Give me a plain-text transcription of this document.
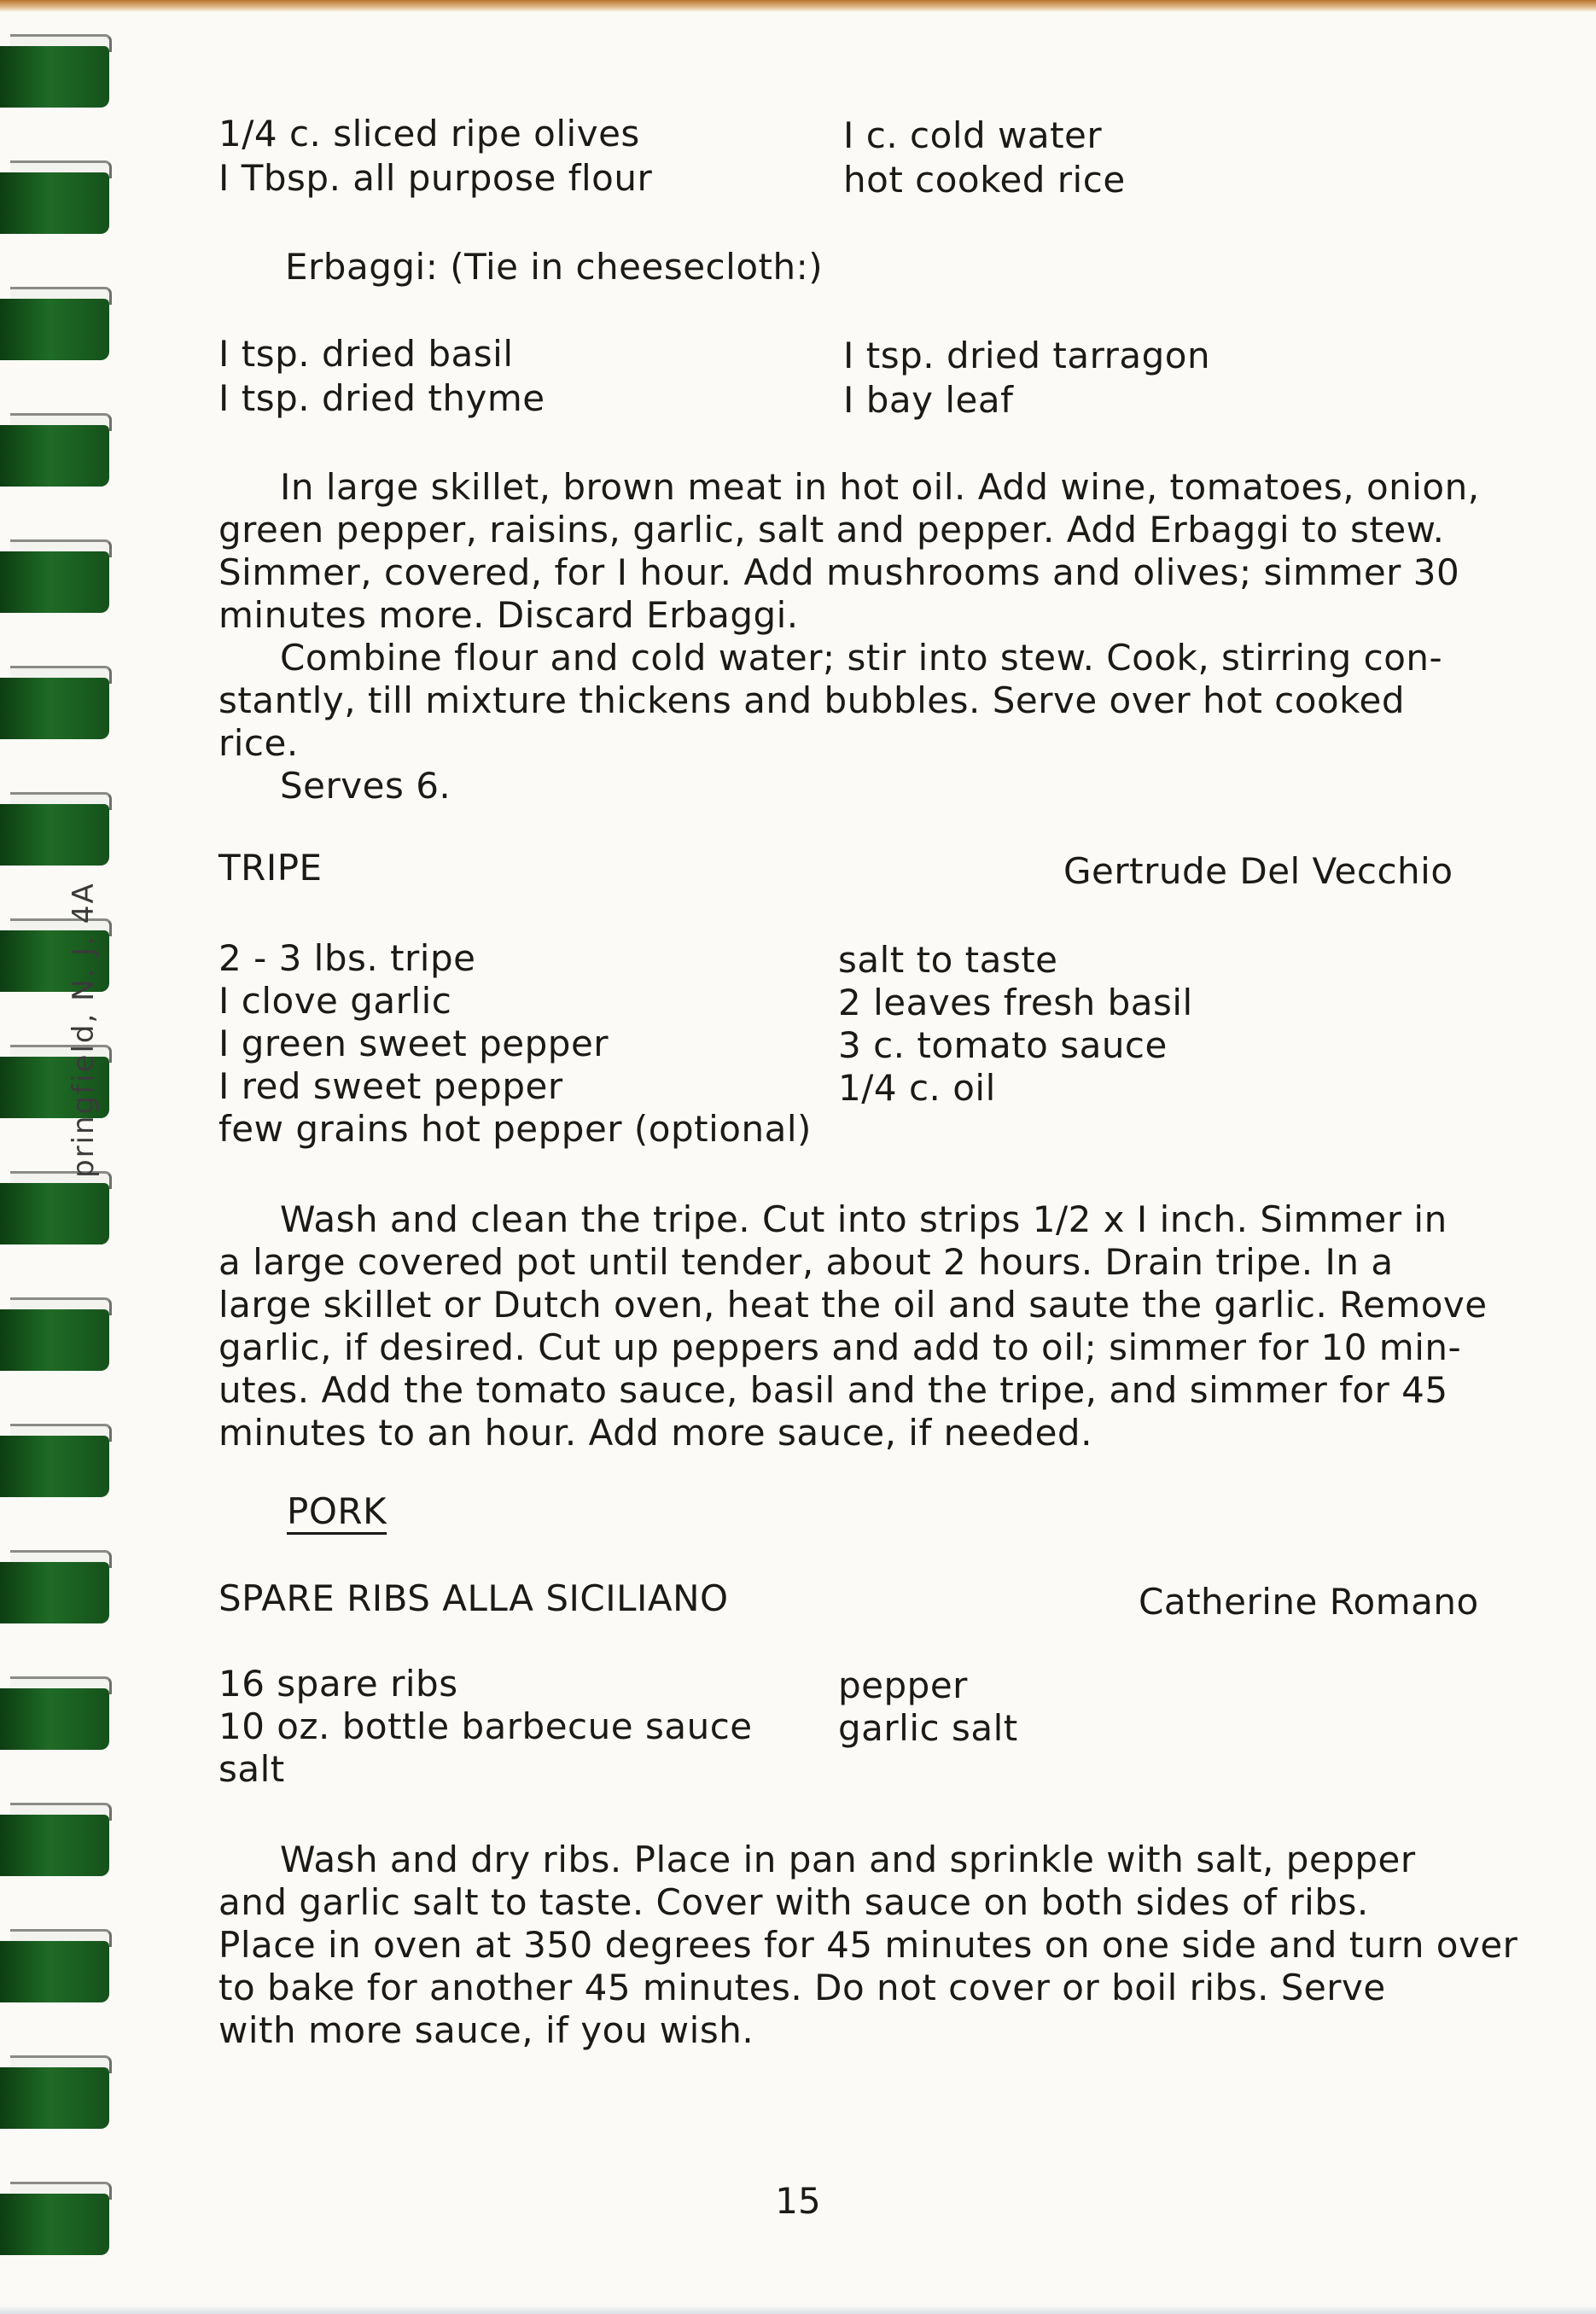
pringfield, N. J. 4A
1/4 c. sliced ripe olives
I Tbsp. all purpose flour
I c. cold water
hot cooked rice
Erbaggi: (Tie in cheesecloth:)
I tsp. dried basil
I tsp. dried thyme
I tsp. dried tarragon
I bay leaf
In large skillet, brown meat in hot oil. Add wine, tomatoes, onion,
green pepper, raisins, garlic, salt and pepper. Add Erbaggi to stew.
Simmer, covered, for I hour. Add mushrooms and olives; simmer 30
minutes more. Discard Erbaggi.
Combine flour and cold water; stir into stew. Cook, stirring con-
stantly, till mixture thickens and bubbles. Serve over hot cooked
rice.
Serves 6.
TRIPE	Gertrude Del Vecchio
2 - 3 lbs. tripe
I clove garlic
I green sweet pepper
I red sweet pepper
few grains hot pepper (optional)
salt to taste
2 leaves fresh basil
3 c. tomato sauce
1/4 c. oil
Wash and clean the tripe. Cut into strips 1/2 x I inch. Simmer in
a large covered pot until tender, about 2 hours. Drain tripe. In a
large skillet or Dutch oven, heat the oil and saute the garlic. Remove
garlic, if desired. Cut up peppers and add to oil; simmer for 10 min-
utes. Add the tomato sauce, basil and the tripe, and simmer for 45
minutes to an hour. Add more sauce, if needed.
PORK
SPARE RIBS ALLA SICILIANO	Catherine Romano
16 spare ribs
10 oz. bottle barbecue sauce
salt
pepper
garlic salt
Wash and dry ribs. Place in pan and sprinkle with salt, pepper
and garlic salt to taste. Cover with sauce on both sides of ribs.
Place in oven at 350 degrees for 45 minutes on one side and turn over
to bake for another 45 minutes. Do not cover or boil ribs. Serve
with more sauce, if you wish.
15
